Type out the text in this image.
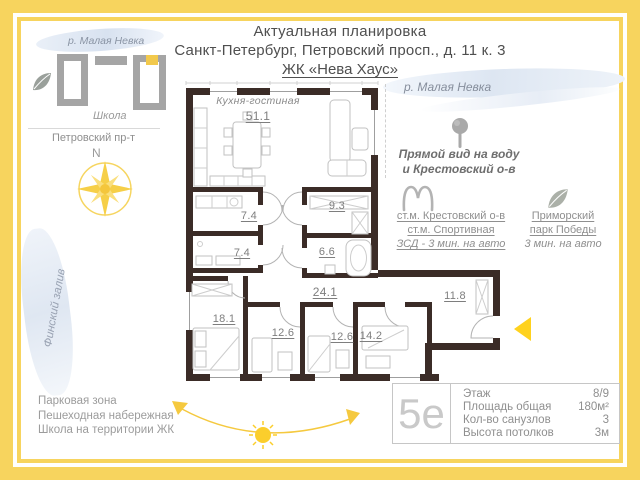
Актуальная планировка
Санкт-Петербург, Петровский просп., д. 11 к. 3
ЖК «Нева Хаус»
р. Малая Невка
Школа
Петровский пр-т
N
Финский залив
р. Малая Невка
Прямой вид на воду
и Крестовский о-в
ст.м. Крестовский о-в
ст.м. Спортивная
ЗСД - 3 мин. на авто
Приморский
парк Победы
3 мин. на авто
Кухня-гостиная
51.1
7.4
7.4
9.3
6.6
24.1
18.1
12.6	12.6 14.2
11.8
Парковая зона
Пешеходная набережная
Школа на территории ЖК	5е	Этаж	8/9
Площадь общая 180м²
Кол-во санузлов	3
Высота потолков	3м
